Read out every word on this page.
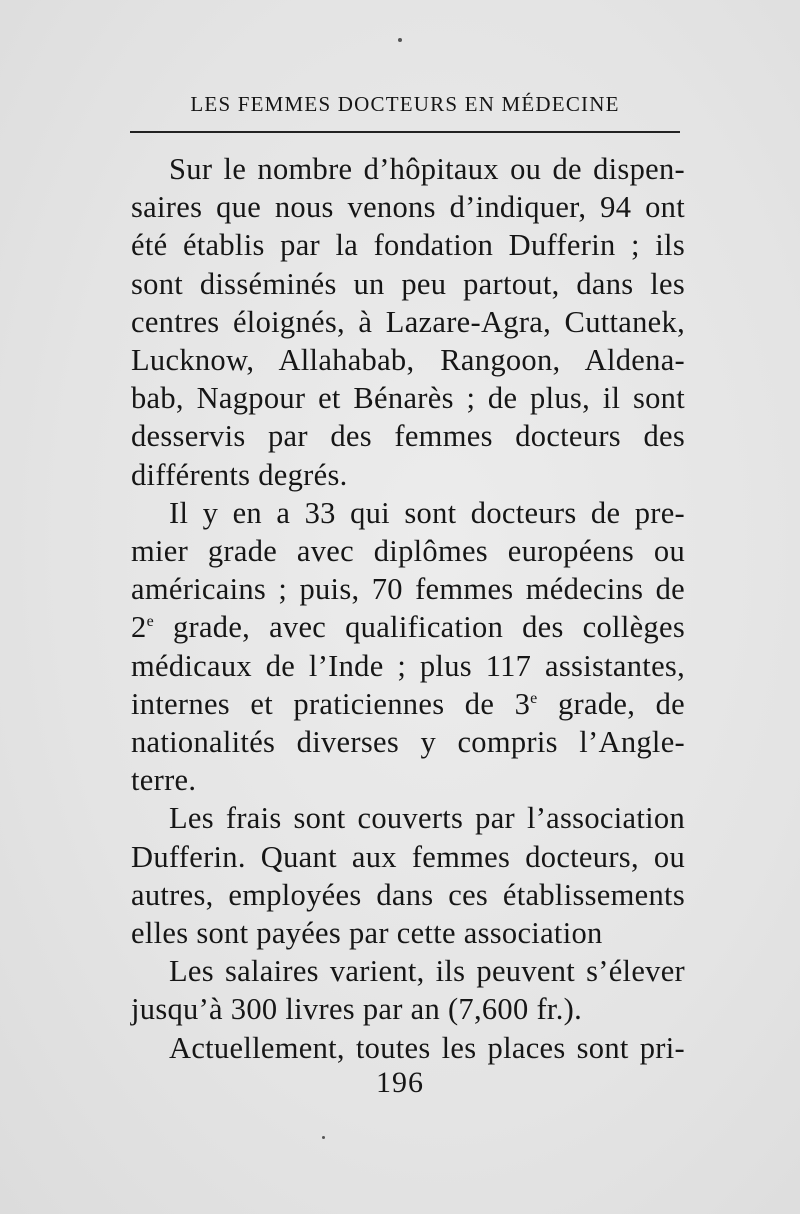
LES FEMMES DOCTEURS EN MÉDECINE

Sur le nombre d’hôpitaux ou de dispen-
saires que nous venons d’indiquer, 94 ont
été établis par la fondation Dufferin ; ils
sont disséminés un peu partout, dans les
centres éloignés, à Lazare-Agra, Cuttanek,
Lucknow, Allahabab, Rangoon, Aldena-
bab, Nagpour et Bénarès ; de plus, il sont
desservis par des femmes docteurs des
différents degrés.

Il y en a 33 qui sont docteurs de pre-
mier grade avec diplômes européens ou
américains ; puis, 70 femmes médecins de
2e grade, avec qualification des collèges
médicaux de l’Inde ; plus 117 assistantes,
internes et praticiennes de 3e grade, de
nationalités diverses y compris l’Angle-
terre.

Les frais sont couverts par l’association
Dufferin. Quant aux femmes docteurs, ou
autres, employées dans ces établissements
elles sont payées par cette association

Les salaires varient, ils peuvent s’élever
jusqu’à 300 livres par an (7,600 fr.).

Actuellement, toutes les places sont pri-

196
